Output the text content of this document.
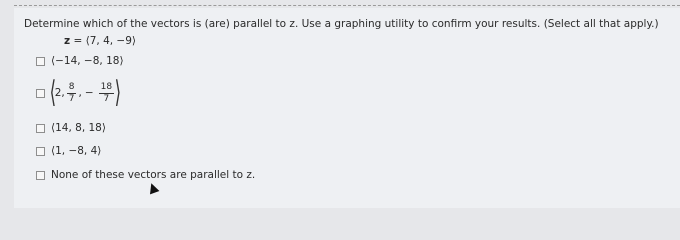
Determine which of the vectors is (are) parallel to z. Use a graphing utility to confirm your results. (Select all that apply.)
z = ⟨7, 4, −9⟩
⟨−14, −8, 18⟩
⟨
2, $\frac{8}{7}$ , − $\frac{18}{7}$ ⟩
⟨14, 8, 18⟩
⟨1, −8, 4⟩
None of these vectors are parallel to z.
